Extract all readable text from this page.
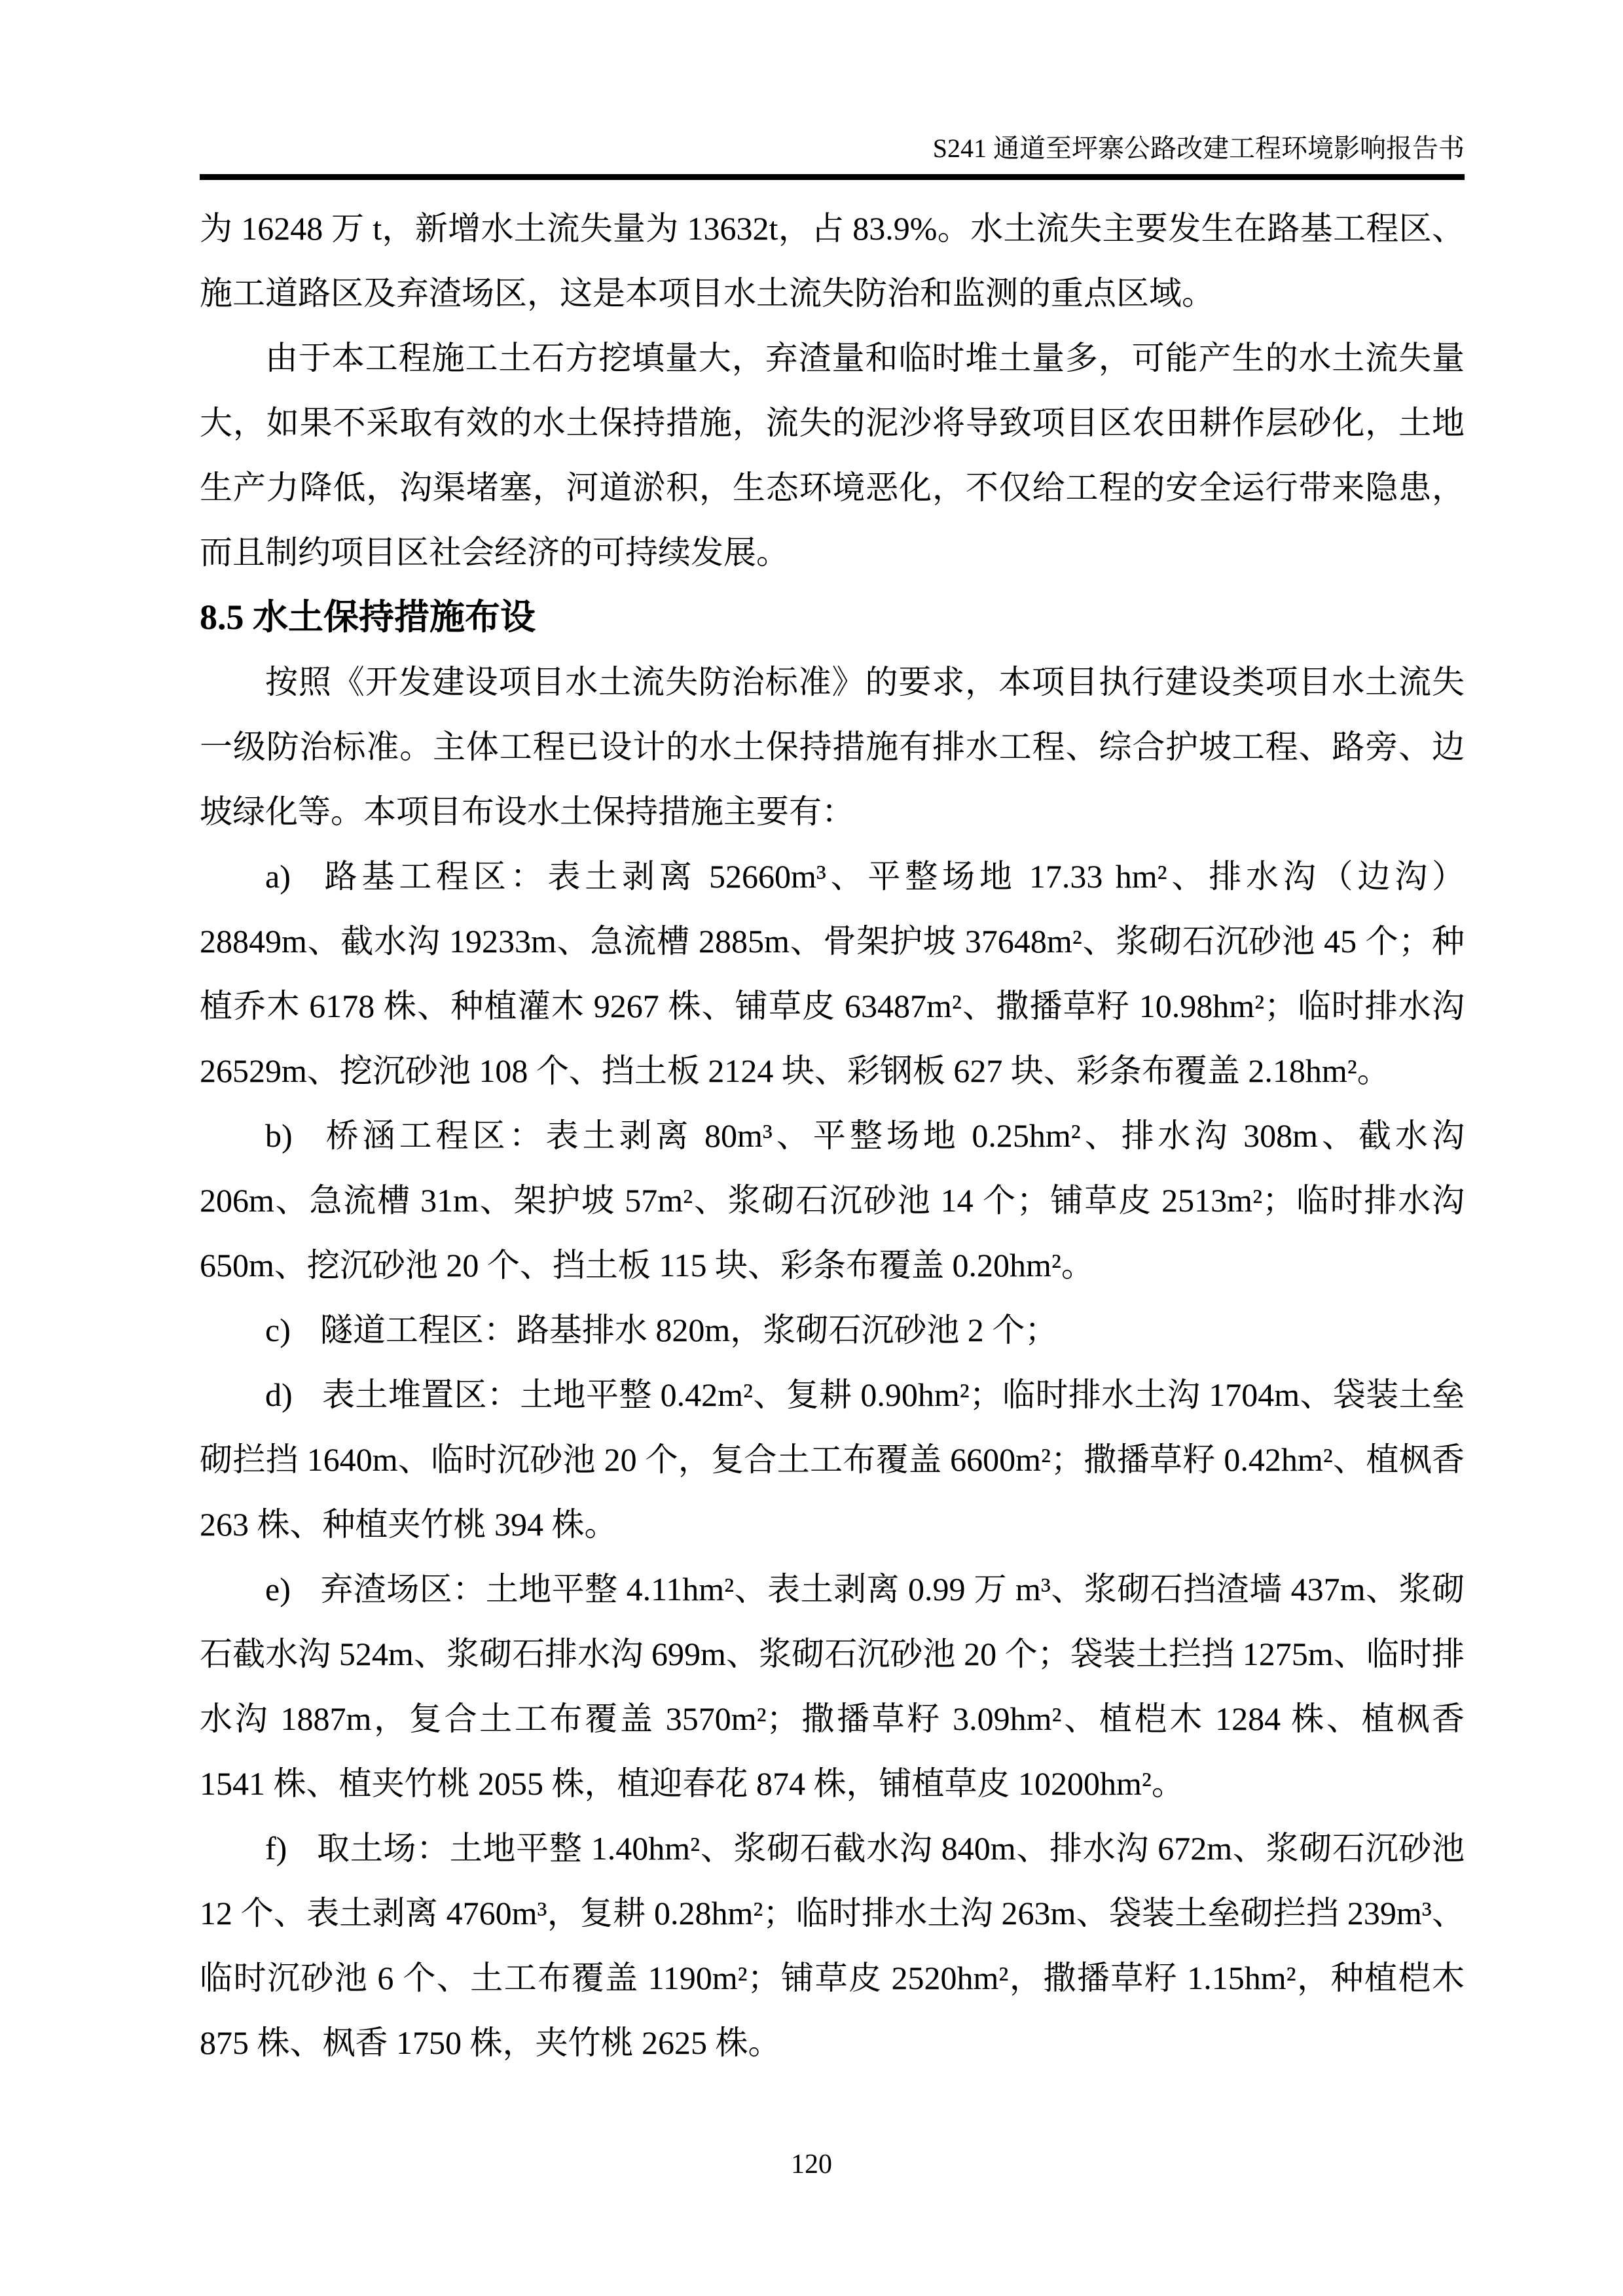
S241 通道至坪寨公路改建工程环境影响报告书

为 16248 万 t，新增水土流失量为 13632t，占 83.9%。水土流失主要发生在路基工程区、施工道路区及弃渣场区，这是本项目水土流失防治和监测的重点区域。

由于本工程施工土石方挖填量大，弃渣量和临时堆土量多，可能产生的水土流失量大，如果不采取有效的水土保持措施，流失的泥沙将导致项目区农田耕作层砂化，土地生产力降低，沟渠堵塞，河道淤积，生态环境恶化，不仅给工程的安全运行带来隐患，而且制约项目区社会经济的可持续发展。

8.5 水土保持措施布设

按照《开发建设项目水土流失防治标准》的要求，本项目执行建设类项目水土流失一级防治标准。主体工程已设计的水土保持措施有排水工程、综合护坡工程、路旁、边坡绿化等。本项目布设水土保持措施主要有：

a) 路基工程区：表土剥离 52660m³、平整场地 17.33 hm²、排水沟（边沟）28849m、截水沟 19233m、急流槽 2885m、骨架护坡 37648m²、浆砌石沉砂池 45 个；种植乔木 6178 株、种植灌木 9267 株、铺草皮 63487m²、撒播草籽 10.98hm²；临时排水沟 26529m、挖沉砂池 108 个、挡土板 2124 块、彩钢板 627 块、彩条布覆盖 2.18hm²。

b) 桥涵工程区：表土剥离 80m³、平整场地 0.25hm²、排水沟 308m、截水沟 206m、急流槽 31m、架护坡 57m²、浆砌石沉砂池 14 个；铺草皮 2513m²；临时排水沟 650m、挖沉砂池 20 个、挡土板 115 块、彩条布覆盖 0.20hm²。

c) 隧道工程区：路基排水 820m，浆砌石沉砂池 2 个；

d) 表土堆置区：土地平整 0.42m²、复耕 0.90hm²；临时排水土沟 1704m、袋装土垒砌拦挡 1640m、临时沉砂池 20 个，复合土工布覆盖 6600m²；撒播草籽 0.42hm²、植枫香 263 株、种植夹竹桃 394 株。

e) 弃渣场区：土地平整 4.11hm²、表土剥离 0.99 万 m³、浆砌石挡渣墙 437m、浆砌石截水沟 524m、浆砌石排水沟 699m、浆砌石沉砂池 20 个；袋装土拦挡 1275m、临时排水沟 1887m，复合土工布覆盖 3570m²；撒播草籽 3.09hm²、植桤木 1284 株、植枫香 1541 株、植夹竹桃 2055 株，植迎春花 874 株，铺植草皮 10200hm²。

f) 取土场：土地平整 1.40hm²、浆砌石截水沟 840m、排水沟 672m、浆砌石沉砂池 12 个、表土剥离 4760m³，复耕 0.28hm²；临时排水土沟 263m、袋装土垒砌拦挡 239m³、临时沉砂池 6 个、土工布覆盖 1190m²；铺草皮 2520hm²，撒播草籽 1.15hm²，种植桤木 875 株、枫香 1750 株，夹竹桃 2625 株。

120
